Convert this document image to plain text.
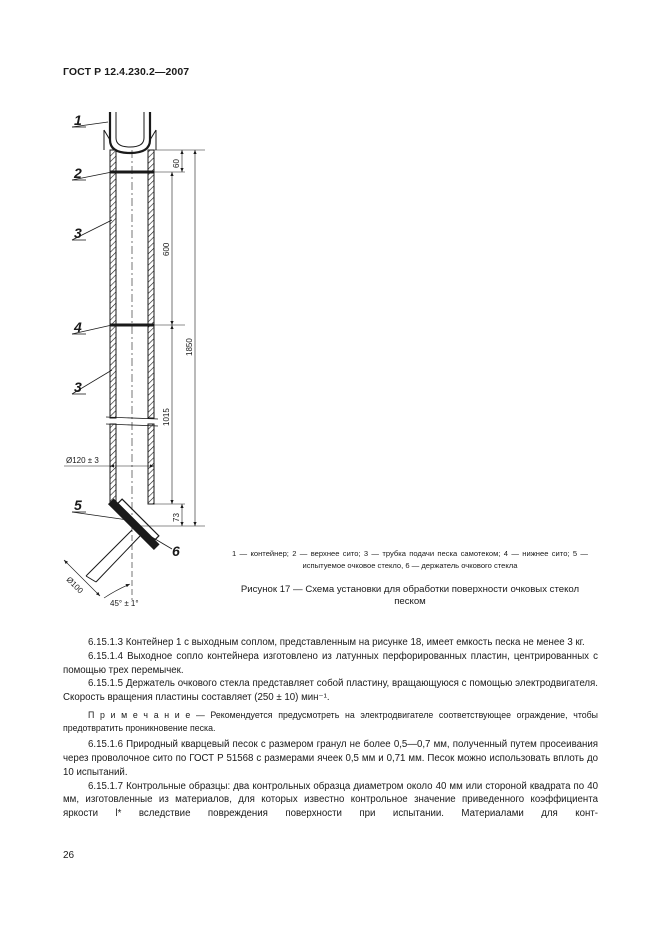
ГОСТ Р 12.4.230.2—2007
1
2
3
4
3
5
6
60
600
1850
1015
73
Ø120 ± 3
Ø100
45° ± 1°
1 — контейнер; 2 — верхнее сито; 3 — трубка подачи песка самотеком; 4 — нижнее сито; 5 — испытуемое очковое стекло, 6 — держатель очкового стекла
Рисунок 17 — Схема установки для обработки поверхности очковых стекол песком

6.15.1.3 Контейнер 1 с выходным соплом, представленным на рисунке 18, имеет емкость песка не менее 3 кг.

6.15.1.4 Выходное сопло контейнера изготовлено из латунных перфорированных пластин, центрированных с помощью трех перемычек.

6.15.1.5 Держатель очкового стекла представляет собой пластину, вращающуюся с помощью электродвигателя. Скорость вращения пластины составляет (250 ± 10) мин⁻¹.

П р и м е ч а н и е — Рекомендуется предусмотреть на электродвигателе соответствующее ограждение, чтобы предотвратить проникновение песка.

6.15.1.6 Природный кварцевый песок с размером гранул не более 0,5—0,7 мм, полученный путем просеивания через проволочное сито по ГОСТ Р 51568 с размерами ячеек 0,5 мм и 0,71 мм. Песок можно использовать вплоть до 10 испытаний.

6.15.1.7 Контрольные образцы: два контрольных образца диаметром около 40 мм или стороной квадрата по 40 мм, изготовленные из материалов, для которых известно контрольное значение приведенного коэффициента яркости l* вследствие повреждения поверхности при испытании. Материалами для конт-

26
